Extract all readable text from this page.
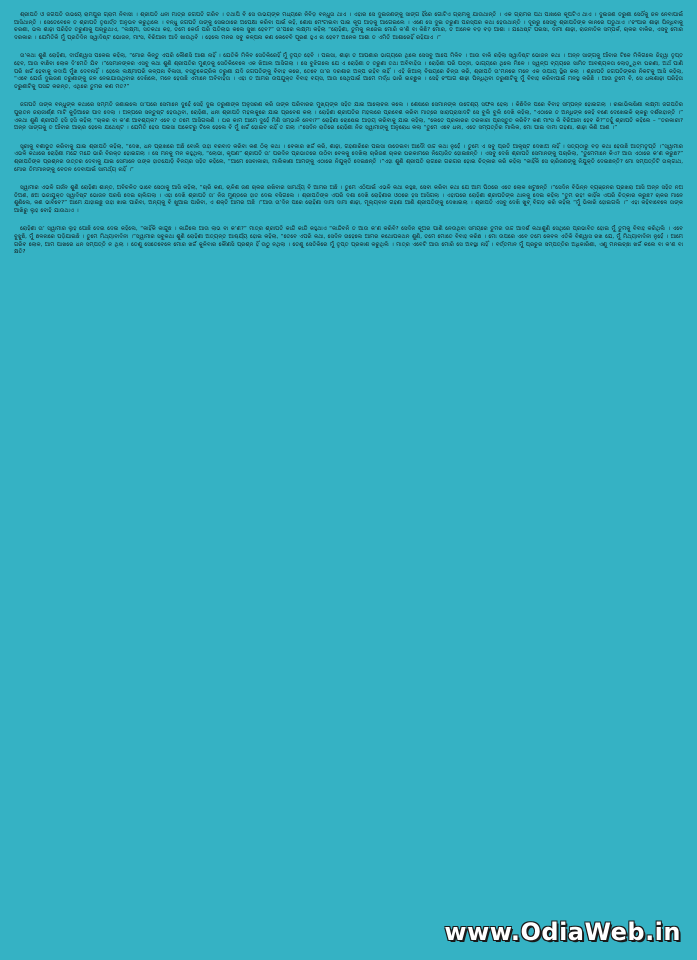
ଶ୍ରୀପତି ଓ ଜଗପତି ଉଭୟେ ରାମପୁର ଗ୍ରାମ ନିବାସୀ । ଶ୍ରୀପତି ଧନୀ ମାତ୍ର ଜଗପତି ଗରିବ । ତଥାପି ବି ସେ ଉଭୟଙ୍କ ମଧ୍ୟରେ ନିବିଡ଼ ବନ୍ଧୁତା ଥାଏ । ଏହାର ସେ ଦୁଇଜଣଙ୍କୁ ସାଙ୍ଗ ହିଁରେ ଗୋଟିଏ ଗ୍ରାମକୁ ଯାଉଥାନ୍ତି । ଏକ ଗ୍ରାମର ପଥ ପାଖରେ କୂପଟିଏ ଥାଏ । ଦୁଇଜଣ ତରୁଣୀ ସେଠିଁକୁ ଜଳ ନେବାପାଇଁ ଆସିଥାନ୍ତି । ସେତେବେଳେ ତ ଶ୍ରୀପତି ତୃଷାର୍ତ୍ତ ଅନୁଭବ କରୁଥିଲେ । ବନ୍ଧୁ ଜଗପତି ତାଙ୍କୁ ସେଇଠାରେ ଅପେକ୍ଷା କରିବା ପାଇଁ କହି, ଶୋଷ ମେଂଟାଇବା ପାଇ କୂପ ଆଡ଼କୁ ଆଗେଇଲେ । ଏଣେ ସେ ଦୁଇ ତରୁଣୀ ପରସ୍ପର କଥା ହେଉଥାନ୍ତି । ଦୂରରୁ ସେସବୁ ଶ୍ରୀପତିଙ୍କ କାନରେ ପଡୁଥାଏ ।‘ଚଂପାର ଶାଢ଼ୀ ପିନ୍ଧିବାକୁ ଚରଣୀ, ଭଲ ଶାଢ଼ୀ ପରିହିତ ତରୁଣୀକୁ ପଚାରୁଥାଏ, “ଲକ୍ଷ୍ମୀ, ସତକଥା କହ, ତମେ କେଉଁ ପରି ପତିଲାଭ କଲେ ସୁଖୀ ହେବ?” ତା’ପରେ ଲକ୍ଷ୍ମୀ କହିଲା “ରୋହିଣୀ, ତୁମକୁ ଲଜେଇ ମୋରି କ’ଣି ବା କିଛି? ମୋର, ତ ଅନେକ ବଡ଼ ବଡ଼ ଆଶା । ଯଥେଷ୍ଟ ପଇସା, ଦାମୀ ଶାଢ଼ୀ, ରାଜନୀତିକ ସମ୍ପର୍କ, ଚାକର ବାକିର, ଏସବୁ ମୋର ଦରକାର । ଯେମିତିକି ମୁଁ ପ୍ରତିଦିନ ସ୍ୱାଦିଷ୍ଟ ଭୋଜନ, ମାଂସ, ବିରିଆନୀ ଆଦି ଖାଉଥିବି । ହେଲେ ମନର ସବୁ କଳ୍ପନା କଣ କେବେବି ପୂରଣ ହୁଏ ନା ହେବ? ଅନେକ ଆଶା ତ ଏମିତି ଆଶାରେହିଁ ରହିଯାଏ ।”

ତା’କଥା ଶୁଣି ରୋହିଣୀ, ଦୀର୍ଘଶ୍ୱାସ ପକେଇ କହିଲା, “ମୋର କିନ୍ତୁ ଏପରି କୌଣସି ଆଶା ନାହିଁ । ଯେତିକି ମିଳିବ ସେତିକିରେହିଁ ମୁଁ ତୃପ୍ତ ହେବି । ପଇସା, ଶାଢ଼ୀ ତ ଆପଣାର ଭାଗ୍ୟରେ ଥିଲେ ସେସବୁ ଆପେ ମିଳିବ । ଆଉ ବାକି ରହିଲା ସ୍ୱାଦିଷ୍ଟ ଭୋଜନ କଥା । ଅନ୍ନ ସାଙ୍ଗକୁ ଆଁବାର ଟିକେ ମିଳିଗଲେ ଜିହ୍ୱା ତୃପ୍ତ ହେବ, ଆଉ ବାଛିବା ଲୋକ ଦି’ମେତି ଯିବ ।”ସେମାନଙ୍କର ଏସବୁ କଥା ଶୁଣି ଶ୍ରୀପତିର ମୁଣ୍ଡକୁ ସେତିକିବେଳେ ଏକ ଖିଆଲ ଆସିଗଲା । ସେ ବୁଝିଗଲେ ଯେ ଏ ରୋହିଣୀ ତ ତରୁଣୀ ତଥା ଅବିବାହିତା । ରୋହିଣୀ ପରି ପତ୍ନୀ, ଭାଗ୍ୟରେ ଥିଲେ ମିଳେ । ସ୍ୱଳ୍ପ ବ୍ୟୟରେ ସାମିତ ଆବଶ୍ୟକତା ଲୋଡ଼ୁଥିବା ଘରଣୀ, ଅର୍ଥ ପାଣି ପରି ଖର୍ଚ୍ଚ ହେବାକୁ କଦାପି ମୁଁଖ ଦେବନାହିଁ । ହେଲେ ଲକ୍ଷ୍ମୀପରି କଳ୍ପନା ବିଳାସୀ, ବସ୍ତୁକେନ୍ଦ୍ରିକ ତରୁଣୀ ଯଦି ଜଗପତିଙ୍କୁ ବିବାହ କରେ, ତେବେ ତା’ର ଦରଶାର ଅଳ୍ପ ରହିବ ନାହିଁ । ଏହି ଖିଆଲ୍ ବିଷୟରେ ଚିନ୍ତା କରି, ଶ୍ରୀପତି ତା’ମନରେ ମନେ ଏକ ଉପାୟ ସ୍ଥିର କଲା । ଶ୍ରୀପତି ଜଗପତିଙ୍କର ନିକଟକୁ ଆସି କହିଲା, “ଏବେ ଯେଉଁ ଦୁଇଜଣ ତରୁଣୀଙ୍କୁ ଜଳ ନେଇଯାଉଥିବାର ଦେଖିଲେ, ମନେ ହେଉଛି ଏମାନେ ଅବିବାହିତା । ଏହା ତ ଆମର ଉପଯୁକ୍ତ ବିବାହ ବୟସ, ଆଉ ସେଥିପାଇଁ ଆମେ ମର୍ଦ୍ଧ ଭାରି ଇଚ୍ଛୁକ । ସେହି ଚଂପାଗ ଶାଢ଼ୀ ପିନ୍ଧିଥିବା ତରୁଣୀଟିକୁ ମୁଁ ବିବାହ କରିବାପାଇଁ ମନସ୍ଥ କରିଛି । ଆଉ ତୁମେ ବି, ସେ ଧଳାଶାଢ଼ୀ ପରିହିତା ତରୁଣୀଟିକୁ ପସନ୍ଦ କରନ୍ତ, ଏଥିରେ ତୁମର କଣ ମତ?”

ଜଗପତି ତାଙ୍କ ବନ୍ଧୁଙ୍କ କଥାରେ ସମ୍ମତି ଜଣାଇଲେ ତା’ପରେ ସେମାନେ ଦୁହେଁ ସେହି ଦୁଇ ତରୁଣୀଙ୍କ ଅନୁସରଣ କରି ତାଙ୍କ ପରିବାରର ମୁଖ୍ୟଙ୍କ ସହିତ ଯାଇ ଆଲୋଚନା କଲେ । ଶେଷରେ ସେମାନଙ୍କ ଉଦ୍ଦେଶ୍ୟ ସଫଳ ହେଲା । କିଛିଦିନ ପରେ ବିବାହ ସମ୍ପନ୍ନ ହୋଇଗଲା । ରଇାଭିଳାଷିଣୀ ଲକ୍ଷ୍ମୀ ଜଗପତିର ପୁରାତନ ଜରାଜୀର୍ଣ୍ଣ ମାଟି କୁଡ଼ିଆରେ ପାଦ ଦେଲା । ଅଳ୍ପରେ ସନ୍ତୁଷ୍ଟ ହେଉଥିବା, ରୋହିଣୀ, ଧନୀ ଶ୍ରୀପତି ମହଲକୁରେ ଯାଇ ପ୍ରବେଶ କଲା । ରୋହିଣୀ ଶ୍ରୀପତିର ମହଲରେ ପ୍ରବେଶ କରିବା ମାତ୍ରେ ସାରାପ୍ରାସାଦଟି ସେ ବୁଲି ବୁଲି ଦେଖି କହିଲା, “ଏଠାରେ ତ ଅନ୍ଧିଙ୍କ କେହି ବଣେ ଦେଖେଇକି ଚାକରୁ ଦର୍ଶନାହାନ୍ତି ।” ଏକଥା ଶୁଣି ଶ୍ରୀପତି ହସି ହସି କହିଲା “ଚାକର ବା କ’ଣ ଆବଶ୍ୟକ? ଏବେ ତ ତମେ ଆସିଗଲଣି । ଘର କାମ ଆମେ ଦୁହେଁ ମିଶି ସମ୍ଭାଳି ନେବା?” ରୋହିଣୀ ରୋଷେଇ ଆଡ଼ୟ କରିବାକୁ ଯାଇ କହିଲା, “କେତେ ପ୍ରକାରର ତରକାରୀ ପ୍ରସ୍ତୁତ କରିବି? କଣ ମାଂସ କି ବିରିଆନୀ ହେବ କି?”ତହୁଁ ଶ୍ରୀପତି କହିଲେ – “ତରକାରୀ? ଅନ୍ନ ସାଙ୍ଗକୁ ତ ଆଁବାର ଆଚାର ହେଲେ ଯଥେଷ୍ଟ । ଯେମିତି ହେଉ ପଇସା ପକେଟରୁ ଟିକେ ହେଲେ ବି ମୁଁ ଖର୍ଚ୍ଚ ହୋଇବ ନାହିଁ ତ ଗଲା ।”ସେଦିନ ରାତିରେ ରୋହିଣୀ ନିଜ ସ୍ୱାମୀଙ୍କୁ ଅନୁରୋଧ କଲା “ତୁମେ ଏବେ ଧନୀ, ଏତେ ସମ୍ପତ୍ତିର ମାଲିକ, ମୋ ପାଇ ଦାମୀ ଗହଣା, ଶାଢ଼ୀ କିଣି ଆଣ ।”

ସ୍ତ୍ରୀକୁ ବଶୀଭୂତ କରିବାକୁ ଯାଇ ଶ୍ରୀପତି କହିଲା, “ଦେଖ, ଧନ ପ୍ରାଖରେ ଅଛି ବୋଲି ତାହା ବରବାଦ କରିବା କଣ ଠିକ୍ କଥା । ବେକାର ଖର୍ଚ୍ଚ କରି, ଶାଢ଼ୀ, ଗହଣାରିରେ ପଇସା ଉଡେଇବା ଆଦୌ ଉଚ୍ଚ କଥା ନୁହେଁ । ତୁମେ ଏ ସବୁ ପ୍ରତି ଆକୃଷ୍ଟ ଦେଖାଅ ନାହିଁ । ସତ୍ୟଠାରୁ ବଡ଼ କଥା ହେଉଛି ଆତ୍ମତୃପ୍ତି ।”ସ୍ୱାମୀର ଏଭଳି କଥାରେ ରୋହିଣୀ ମନ୍ଦେ ମନ୍ଦେ ଭାରି ବିରକ୍ତ ହୋଇଗଲା । ସେ ମନକୁ ମନ କହୁଥିଲା, “ଲୋଭୀ, କୃପଣ” ଶ୍ରୀପତି ତା’ ପରଦିନ ପ୍ରଭାତରେ ଉଠିବା ବେଳକୁ ଦେଖିଲା ଚାରିଜଣ ଚାକର ଘରକାମରେ ନିୟୋଜିତ ହୋଇଛନ୍ତି । ଏସବୁ ଦେଖି ଶ୍ରୀପତି ସେମାନଙ୍କୁ ପଚାରିଲା, “ତୁମେମାନେ କିଏ? ଆଉ ଏଠାରେ କ’ଣ କରୁଛ?” ଶ୍ରୀପତିଙ୍କ ପ୍ରଶ୍ନର ଉତ୍ତର ଦେବାକୁ ଯାଇ ସେମାନେ ତାଙ୍କ ହାତଯୋଡ଼ି ବିନୟର ସହିତ କହିଲେ, “ଆମେ ସେବାକାରୀ, ମାଲିକାଣୀ ଆମଙ୍କୁ ଏଠାରେ ନିଯୁକ୍ତି ଦେଇଛନ୍ତି ।”ଏହା ଶୁଣି ଶ୍ରୀପତି ରାଗରେ ଗରଗର ହୋଇ ଚିତ୍କାର କରି କହିଲା “କାହିଁକି ସେ ଚାରିଜଣଙ୍କୁ ନିଯୁକ୍ତି ଦେଇଛନ୍ତି? ମୋ ସମ୍ପତ୍ତିଟି ତାଲ୍ଗାଥ, ମୋର ତିମମାନଙ୍କୁ ବେତନ ଦେବାପାଇଁ ସାମର୍ଥ୍ୟ ନାହିଁ ।”

ସ୍ୱାମୀର ଏଭଳି ଗର୍ଜନ ଶୁଣି ରୋହିଣୀ ଶାନ୍ତ, ଅବିଚଳିତ ଭାବେ ସେଠାକୁ ଆସି କହିଲା, “ଚାରି କଣ, ଚାଳିଶ ଜଣ ଚାକର ରଖିବାର ସାମର୍ଥ୍ୟ ବି ଆମର ଅଛି । ତୁମେ ଏଠିପାଇଁ ଏଭଳି କଥା କହୁଛ, ସେବା କରିବା କଥା ଯେ ଆମ ପିଠରେ ଏତେ ଲୋକ ଖଟୁଛନ୍ତି ।”ସେଦିନ ବିଭିନ୍ନ ବ୍ୟଞ୍ଜନର ପ୍ରଖରା ଆସି ଅନ୍ନ ସହିତ ନଅ ତିଅଣ, ଛଅ ଭଜାଯୁକ୍ତ ସ୍ୱାଦିଷ୍ଟ ଭୋଜନ ପରଷି ଦେଇ ଚାଲିଗଲା । ଏହା ଦେଖି ଶ୍ରୀପତି ତା’ ନିଜ ମୁଣ୍ଡରେ ହାତ ଦେଇ ବସିଗଲେ । ଶ୍ରୀପତିଙ୍କ ଏପରି ଦଶା ଦେଖି ରୋହିଣୀର ଓଠରେ ହସ ଆସିଗଲା । ଏହାପରେ ରୋହିଣୀ ଶ୍ରୀପତିଙ୍କ ଥାଳକୁ ଦେଇ କହିଲା “ତୁମ ରହ! କାହିଁକ ଏପରି ଚିତ୍କାର କରୁଛ? ଚାକର ମାନେ ଶୁଣିଲେ, କଣ ଭାବିବେ?” ଆମେ ଯାହାଇଛୁ ତାହା ଖାଇ ପାରିବା, ଅନ୍ୟକୁ ବି ଖୁଆଇ ପାରିବା, ଏ ଶକ୍ତି ଆମର ଅଛି ।”ଆଉ ତା’ଦିନ ପରେ ରୋହିଣୀ ଦାମୀ ଦାମୀ ଶାଢ଼ୀ, ମୂଲ୍ୟବାନ ଗହଣା ଆଣି ଶ୍ରୀପତିଙ୍କୁ ଦେଖାଇଲା । ଶ୍ରୀପତି ଏସବୁ ଦେଖି ଖୁବ୍ ବିଗଡ଼ କରି କହିଲା “ମୁଁ ଭିକାରି ହୋଇଗଲି ।” ଏହା କହିବାବେଳେ ତାଙ୍କ ଆଖିରୁ ଲୁହ ବୋହି ଯାଉଥାଏ ।

ରୋହିଣୀ ତା’ ସ୍ୱାମୀର ଲୁହ ପୋଛି ଦେଇ ଦେଇ କହିଲେ, “କାହିଁକି କାନ୍ଦୁଛ । କାନ୍ଦିଲେ ଆଉ ଲାଭ ବା କ’ଣ?” ମାତ୍ର ଶ୍ରୀପତି କାନ୍ଦି କାନ୍ଦି କହୁଥାଏ “କାନ୍ଦିବନି ତ ଆଉ କ’ଣ କରିବି? ସେଦିନ କୂଅର ପାଣି ନେଉଥିବା ସମୟରେ ତୁମର ଉଚ୍ଚ ଆଦର୍ଶ କଥାଶୁଣି ସେଥିରେ ପ୍ରଭାବିତ ହୋଇ ମୁଁ ତୁମକୁ ବିବାହ କରିଥିଲି । ଏବେ ବୁଝୁଛି, ମୁଁ ଛଳନାରେ ପଡ଼ିଯାଇଛି । ତୁମେ ମିଥ୍ୟାବାଦିନୀ ।”ସ୍ୱାମୀର ସବୁକଥା ଶୁଣି ରୋହିଣୀ ଅତ୍ୟନ୍ତ ଆଶ୍ଚର୍ଯ୍ୟ ହୋଇ କହିଲା, “ତେବେ ଏପରି କଥା, ସେଦିନ ତାହେଲେ ଆମର କଥୋପକଥନ ଶୁଣି, ତମେ ମୋତେ ବିବାହ କରିଛ । ମୋ ଉପରେ ଏବେ ତମେ କେବଳ ଏତିକି ବିଶ୍ୱାସ ରଖ ଯେ, ମୁଁ ମିଥ୍ୟାବାଦିନୀ ନୁହେଁ । ଆମେ ଗରିବ ଲୋକ, ଆମ ପାଖରେ ଧନ ସମ୍ପତ୍ତି ନ ଥିଲା । ତେଣୁ ସେତେବେଳେ ମୋର ଖର୍ଚ୍ଚ କୁଳିବାର କୌଣସି ପ୍ରଶ୍ନ ହିଁ ଉଠୁ ନଥିଲା । ତେଣୁ ସେତିକିରେ ମୁଁ ତୃପ୍ତ ପ୍ରକାଶ କରୁଥିଲି । ମାତ୍ର ଏବେଟି ଆଉ ମୋରି ସେ ଅବସ୍ଥା ନାହିଁ । ବର୍ତ୍ତମାନ ମୁଁ ପ୍ରଚୁର ସମ୍ପତ୍ତିର ଅଧିକାରିଣୀ, ଏଣୁ ମନଇଚ୍ଛା ଖର୍ଚ୍ଚ କଲେ ବା କ’ଣ ବା କ୍ଷତି?

www.OdiaWeb.in
